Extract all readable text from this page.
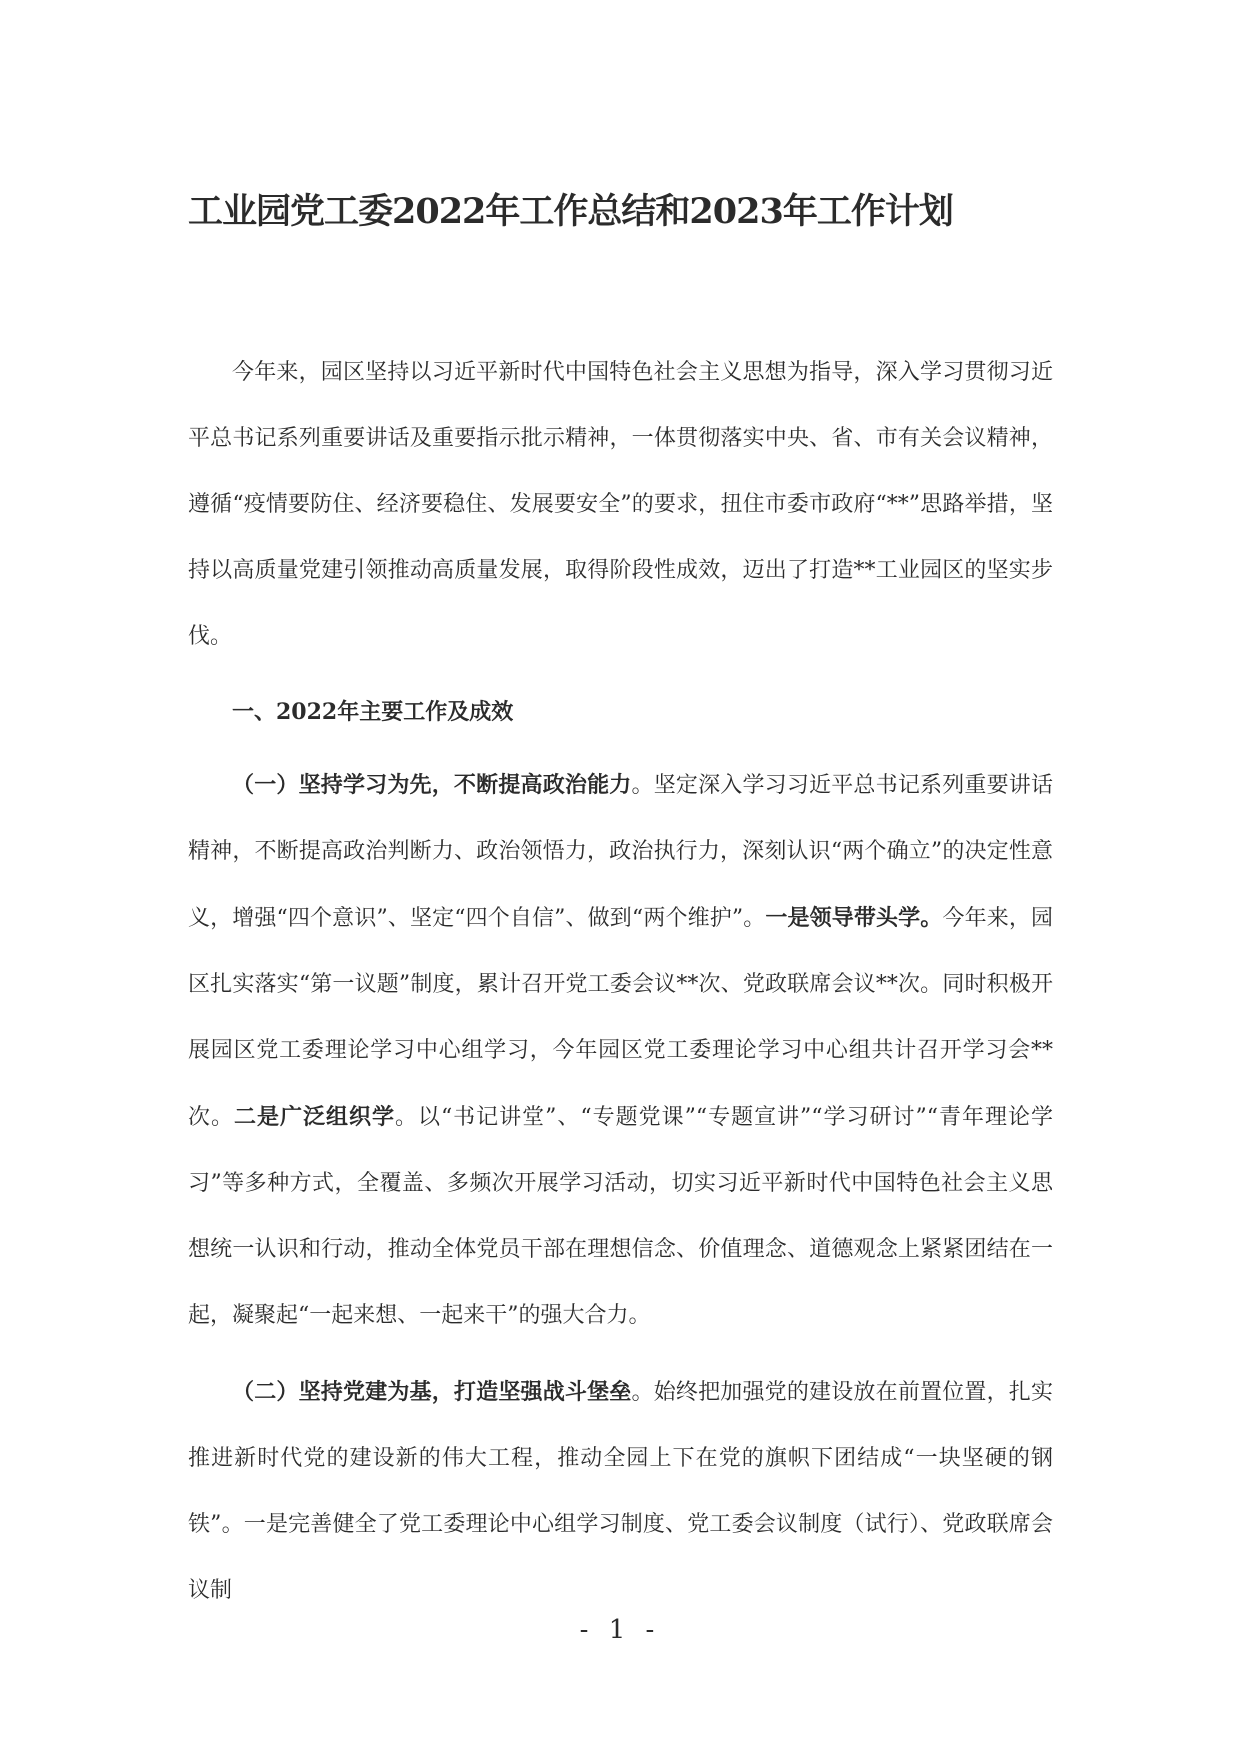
工业园党工委2022年工作总结和2023年工作计划
今年来，园区坚持以习近平新时代中国特色社会主义思想为指导，深入学习贯彻习近平总书记系列重要讲话及重要指示批示精神，一体贯彻落实中央、省、市有关会议精神，遵循“疫情要防住、经济要稳住、发展要安全”的要求，扭住市委市政府“**”思路举措，坚持以高质量党建引领推动高质量发展，取得阶段性成效，迈出了打造**工业园区的坚实步伐。
一、2022年主要工作及成效
（一）坚持学习为先，不断提高政治能力。坚定深入学习习近平总书记系列重要讲话精神，不断提高政治判断力、政治领悟力，政治执行力，深刻认识“两个确立”的决定性意义，增强“四个意识”、坚定“四个自信”、做到“两个维护”。一是领导带头学。今年来，园区扎实落实“第一议题”制度，累计召开党工委会议**次、党政联席会议**次。同时积极开展园区党工委理论学习中心组学习，今年园区党工委理论学习中心组共计召开学习会**次。二是广泛组织学。以“书记讲堂”、“专题党课”“专题宣讲”“学习研讨”“青年理论学习”等多种方式，全覆盖、多频次开展学习活动，切实习近平新时代中国特色社会主义思想统一认识和行动，推动全体党员干部在理想信念、价值理念、道德观念上紧紧团结在一起，凝聚起“一起来想、一起来干”的强大合力。
（二）坚持党建为基，打造坚强战斗堡垒。始终把加强党的建设放在前置位置，扎实推进新时代党的建设新的伟大工程，推动全园上下在党的旗帜下团结成“一块坚硬的钢铁”。一是完善健全了党工委理论中心组学习制度、党工委会议制度（试行）、党政联席会议制
- 1 -
